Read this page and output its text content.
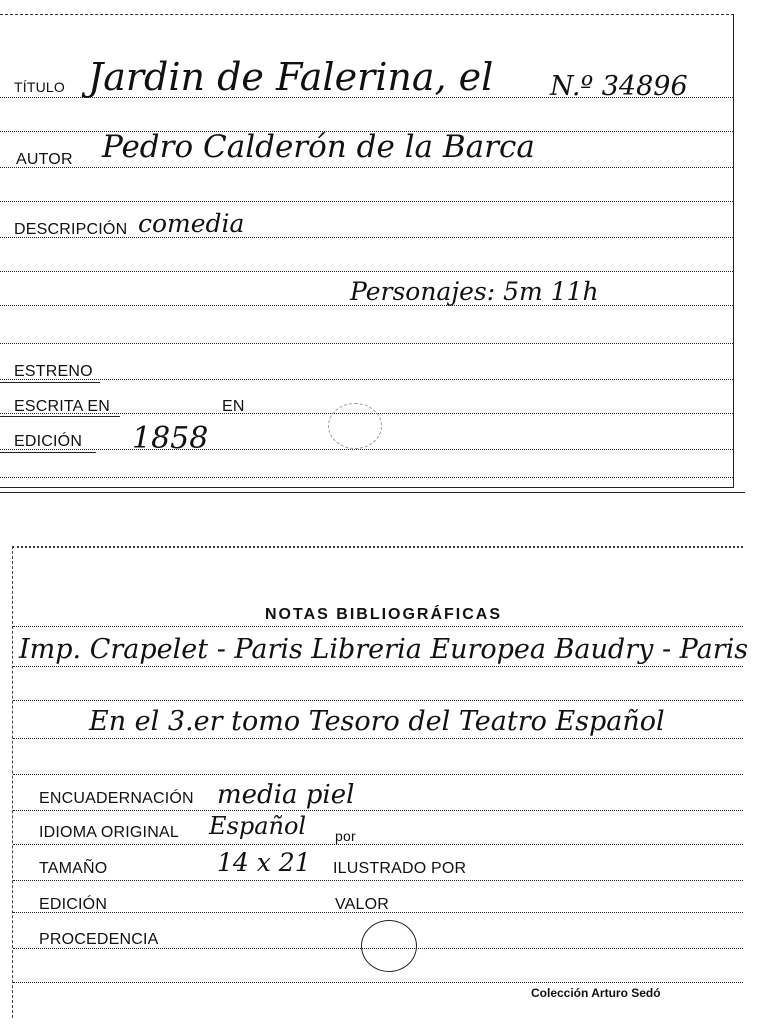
TÍTULO Jardin de Falerina, el N.º 34896
AUTOR Pedro Calderón de la Barca
DESCRIPCIÓN comedia
Personajes: 5m 11h
ESTRENO
ESCRITA EN	EN
EDICIÓN 1858
NOTAS BIBLIOGRÁFICAS
Imp. Crapelet - Paris Libreria Europea Baudry - Paris
En el 3.er tomo Tesoro del Teatro Español
ENCUADERNACIÓN media piel
IDIOMA ORIGINAL Español por
TAMAÑO	14 x 21 ILUSTRADO POR
EDICIÓN	VALOR
PROCEDENCIA
Colección Arturo Sedó
